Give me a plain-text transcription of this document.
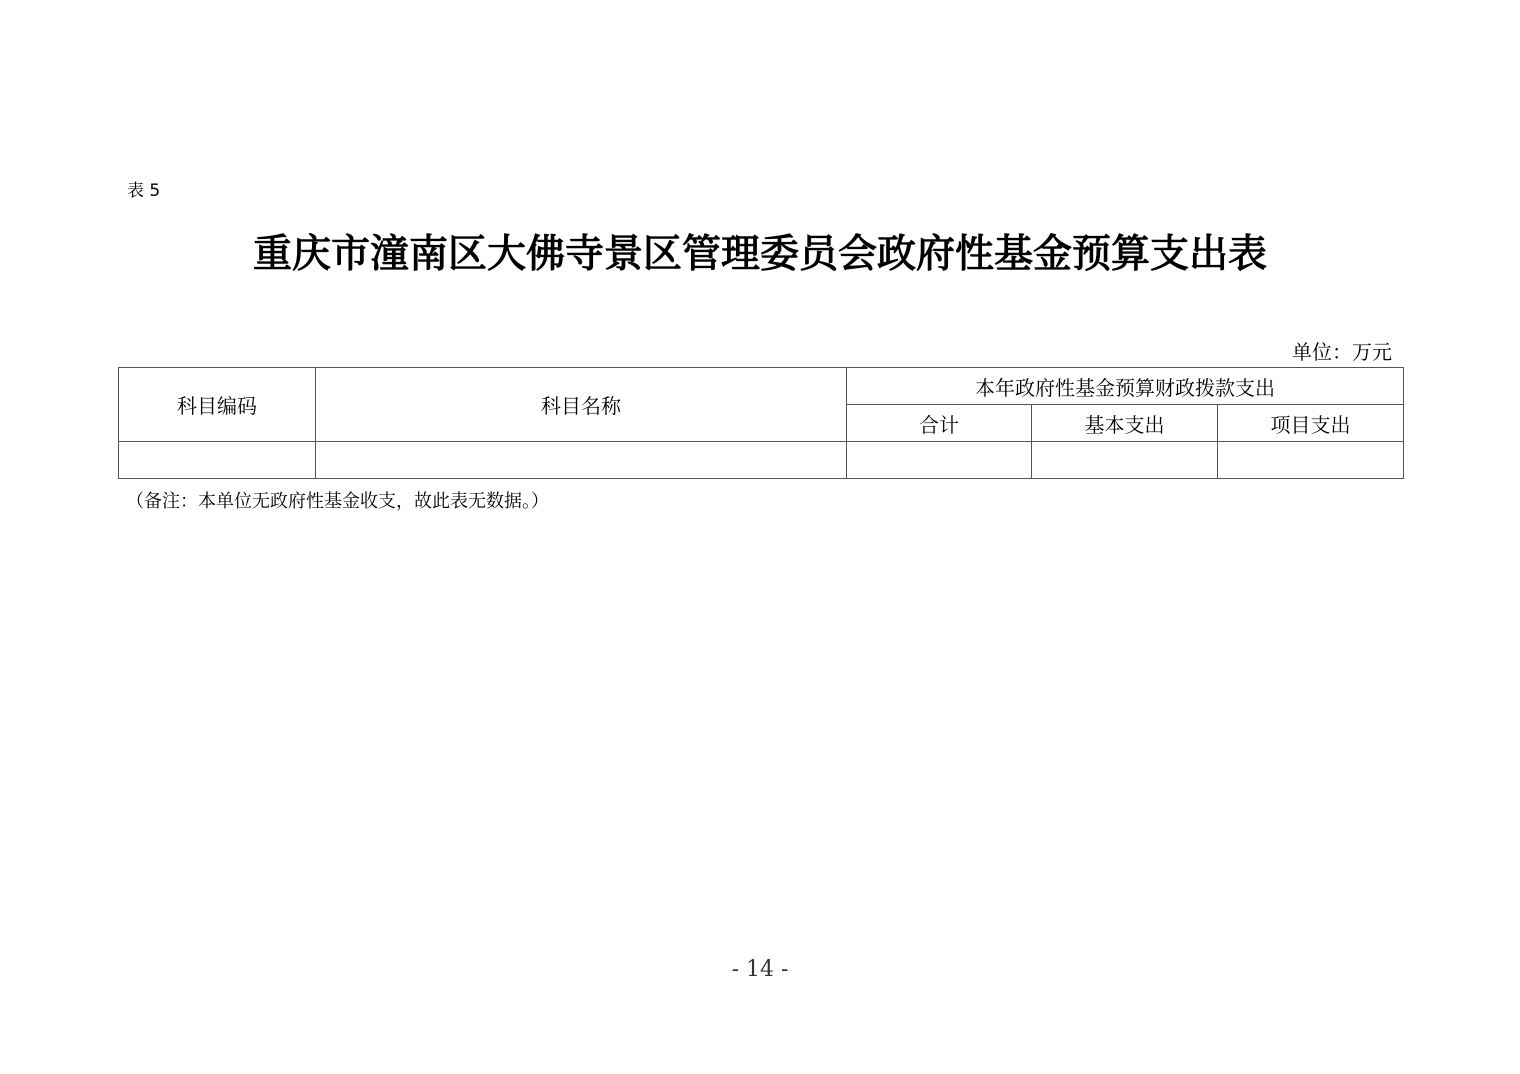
表 5
重庆市潼南区大佛寺景区管理委员会政府性基金预算支出表
单位：万元
科目编码	科目名称	本年政府性基金预算财政拨款支出		
		合计	基本支出	项目支出

（备注：本单位无政府性基金收支，故此表无数据。）
- 14 -
